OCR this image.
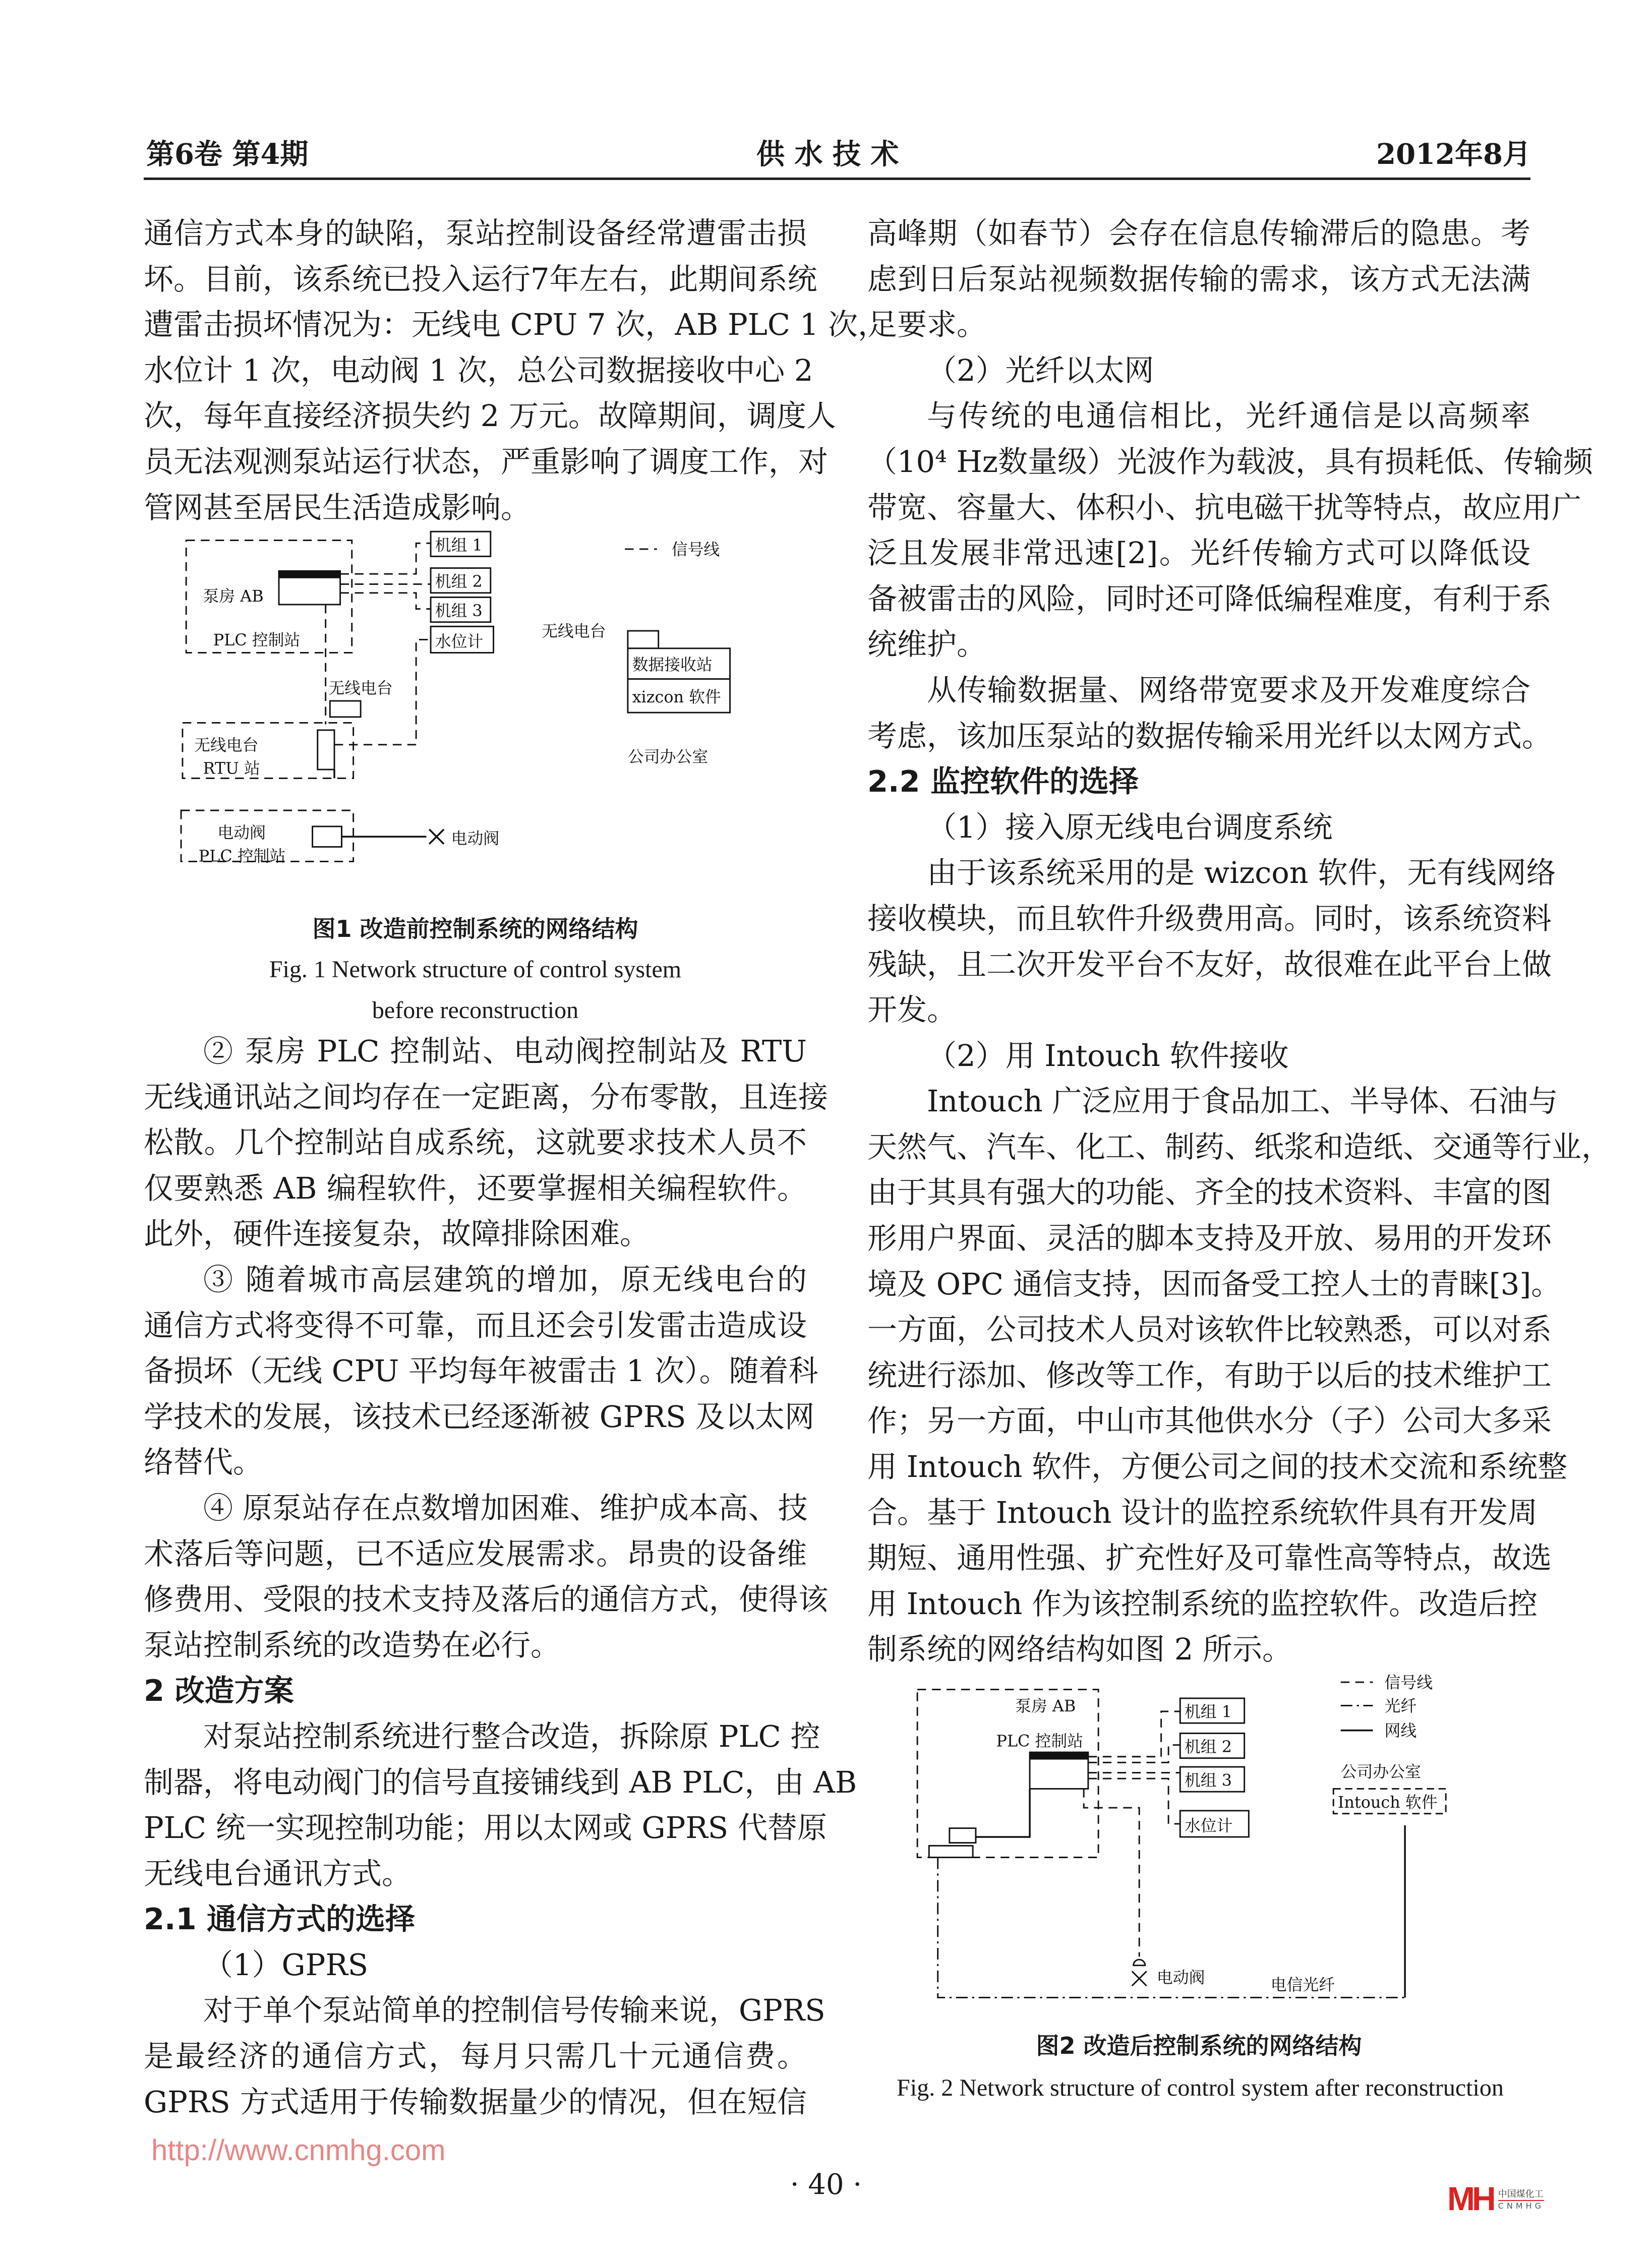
第6卷 第4期	供 水 技 术	2012年8月
通信方式本身的缺陷，泵站控制设备经常遭雷击损
坏。目前，该系统已投入运行7年左右，此期间系统
遭雷击损坏情况为：无线电 CPU 7 次，AB PLC 1 次，
水位计 1 次，电动阀 1 次，总公司数据接收中心 2
次，每年直接经济损失约 2 万元。故障期间，调度人
员无法观测泵站运行状态，严重影响了调度工作，对
管网甚至居民生活造成影响。
泵房 AB
PLC 控制站
机组 1
机组 2
机组 3
水位计
无线电台
无线电台
RTU 站
电动阀
PLC 控制站
电动阀
信号线
无线电台
数据接收站
xizcon 软件
公司办公室
图1 改造前控制系统的网络结构
Fig. 1 Network structure of control system
before reconstruction
② 泵房 PLC 控制站、电动阀控制站及 RTU
无线通讯站之间均存在一定距离，分布零散，且连接
松散。几个控制站自成系统，这就要求技术人员不
仅要熟悉 AB 编程软件，还要掌握相关编程软件。
此外，硬件连接复杂，故障排除困难。
③ 随着城市高层建筑的增加，原无线电台的
通信方式将变得不可靠，而且还会引发雷击造成设
备损坏（无线 CPU 平均每年被雷击 1 次）。随着科
学技术的发展，该技术已经逐渐被 GPRS 及以太网
络替代。
④ 原泵站存在点数增加困难、维护成本高、技
术落后等问题，已不适应发展需求。昂贵的设备维
修费用、受限的技术支持及落后的通信方式，使得该
泵站控制系统的改造势在必行。
2 改造方案
对泵站控制系统进行整合改造，拆除原 PLC 控
制器，将电动阀门的信号直接铺线到 AB PLC，由 AB
PLC 统一实现控制功能；用以太网或 GPRS 代替原
无线电台通讯方式。
2.1 通信方式的选择
（1）GPRS
对于单个泵站简单的控制信号传输来说，GPRS
是最经济的通信方式，每月只需几十元通信费。
GPRS 方式适用于传输数据量少的情况，但在短信
高峰期（如春节）会存在信息传输滞后的隐患。考
虑到日后泵站视频数据传输的需求，该方式无法满
足要求。
（2）光纤以太网
与传统的电通信相比，光纤通信是以高频率
（10⁴ Hz数量级）光波作为载波，具有损耗低、传输频
带宽、容量大、体积小、抗电磁干扰等特点，故应用广
泛且发展非常迅速[2]。光纤传输方式可以降低设
备被雷击的风险，同时还可降低编程难度，有利于系
统维护。
从传输数据量、网络带宽要求及开发难度综合
考虑，该加压泵站的数据传输采用光纤以太网方式。
2.2 监控软件的选择
（1）接入原无线电台调度系统
由于该系统采用的是 wizcon 软件，无有线网络
接收模块，而且软件升级费用高。同时，该系统资料
残缺，且二次开发平台不友好，故很难在此平台上做
开发。
（2）用 Intouch 软件接收
Intouch 广泛应用于食品加工、半导体、石油与
天然气、汽车、化工、制药、纸浆和造纸、交通等行业，
由于其具有强大的功能、齐全的技术资料、丰富的图
形用户界面、灵活的脚本支持及开放、易用的开发环
境及 OPC 通信支持，因而备受工控人士的青睐[3]。
一方面，公司技术人员对该软件比较熟悉，可以对系
统进行添加、修改等工作，有助于以后的技术维护工
作；另一方面，中山市其他供水分（子）公司大多采
用 Intouch 软件，方便公司之间的技术交流和系统整
合。基于 Intouch 设计的监控系统软件具有开发周
期短、通用性强、扩充性好及可靠性高等特点，故选
用 Intouch 作为该控制系统的监控软件。改造后控
制系统的网络结构如图 2 所示。
泵房 AB
PLC 控制站
机组 1
机组 2
机组 3
水位计
信号线
光纤
网线
公司办公室
Intouch 软件
电动阀	电信光纤
图2 改造后控制系统的网络结构
Fig. 2 Network structure of control system after reconstruction
http://www.cnmhg.com
· 40 ·	MH 中国煤化工
CNMHG
